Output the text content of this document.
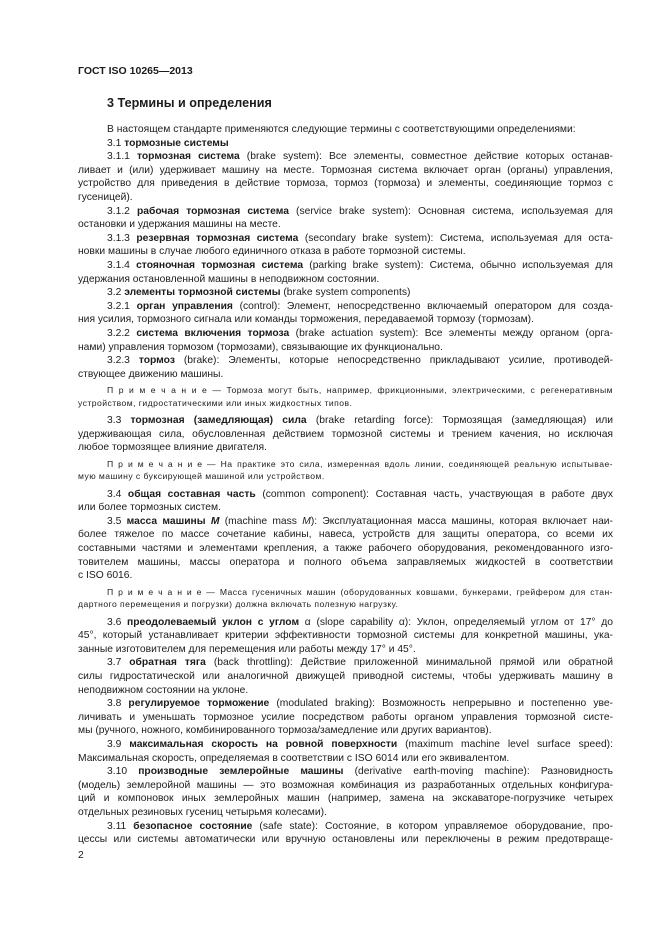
ГОСТ ISO 10265—2013
3 Термины и определения
В настоящем стандарте применяются следующие термины с соответствующими определениями:
3.1 тормозные системы
3.1.1 тормозная система (brake system): Все элементы, совместное действие которых останав-
ливает и (или) удерживает машину на месте. Тормозная система включает орган (органы) управления,
устройство для приведения в действие тормоза, тормоз (тормоза) и элементы, соединяющие тормоз с
гусеницей).
3.1.2 рабочая тормозная система (service brake system): Основная система, используемая для
остановки и удержания машины на месте.
3.1.3 резервная тормозная система (secondary brake system): Система, используемая для оста-
новки машины в случае любого единичного отказа в работе тормозной системы.
3.1.4 стояночная тормозная система (parking brake system): Система, обычно используемая для
удержания остановленной машины в неподвижном состоянии.
3.2 элементы тормозной системы (brake system components)
3.2.1 орган управления (control): Элемент, непосредственно включаемый оператором для созда-
ния усилия, тормозного сигнала или команды торможения, передаваемой тормозу (тормозам).
3.2.2 система включения тормоза (brake actuation system): Все элементы между органом (орга-
нами) управления тормозом (тормозами), связывающие их функционально.
3.2.3 тормоз (brake): Элементы, которые непосредственно прикладывают усилие, противодей-
ствующее движению машины.
П р и м е ч а н и е — Тормоза могут быть, например, фрикционными, электрическими, с регенеративным
устройством, гидростатическими или иных жидкостных типов.
3.3 тормозная (замедляющая) сила (brake retarding force): Тормозящая (замедляющая) или
удерживающая сила, обусловленная действием тормозной системы и трением качения, но исключая
любое тормозящее влияние двигателя.
П р и м е ч а н и е — На практике это сила, измеренная вдоль линии, соединяющей реальную испытывае-
мую машину с буксирующей машиной или устройством.
3.4 общая составная часть (common component): Составная часть, участвующая в работе двух
или более тормозных систем.
3.5 масса машины M (machine mass M): Эксплуатационная масса машины, которая включает наи-
более тяжелое по массе сочетание кабины, навеса, устройств для защиты оператора, со всеми их
составными частями и элементами крепления, а также рабочего оборудования, рекомендованного изго-
товителем машины, массы оператора и полного объема заправляемых жидкостей в соответствии
с ISO 6016.
П р и м е ч а н и е — Масса гусеничных машин (оборудованных ковшами, бункерами, грейфером для стан-
дартного перемещения и погрузки) должна включать полезную нагрузку.
3.6 преодолеваемый уклон с углом α (slope capability α): Уклон, определяемый углом от 17° до
45°, который устанавливает критерии эффективности тормозной системы для конкретной машины, ука-
занные изготовителем для перемещения или работы между 17° и 45°.
3.7 обратная тяга (back throttling): Действие приложенной минимальной прямой или обратной
силы гидростатической или аналогичной движущей приводной системы, чтобы удерживать машину в
неподвижном состоянии на уклоне.
3.8 регулируемое торможение (modulated braking): Возможность непрерывно и постепенно уве-
личивать и уменьшать тормозное усилие посредством работы органом управления тормозной систе-
мы (ручного, ножного, комбинированного тормоза/замедление или других вариантов).
3.9 максимальная скорость на ровной поверхности (maximum machine level surface speed):
Максимальная скорость, определяемая в соответствии с ISO 6014 или его эквивалентом.
3.10 производные землеройные машины (derivative earth-moving machine): Разновидность
(модель) землеройной машины — это возможная комбинация из разработанных отдельных конфигура-
ций и компоновок иных землеройных машин (например, замена на экскаваторе-погрузчике четырех
отдельных резиновых гусениц четырьмя колесами).
3.11 безопасное состояние (safe state): Состояние, в котором управляемое оборудование, про-
цессы или системы автоматически или вручную остановлены или переключены в режим предотвраще-
2
